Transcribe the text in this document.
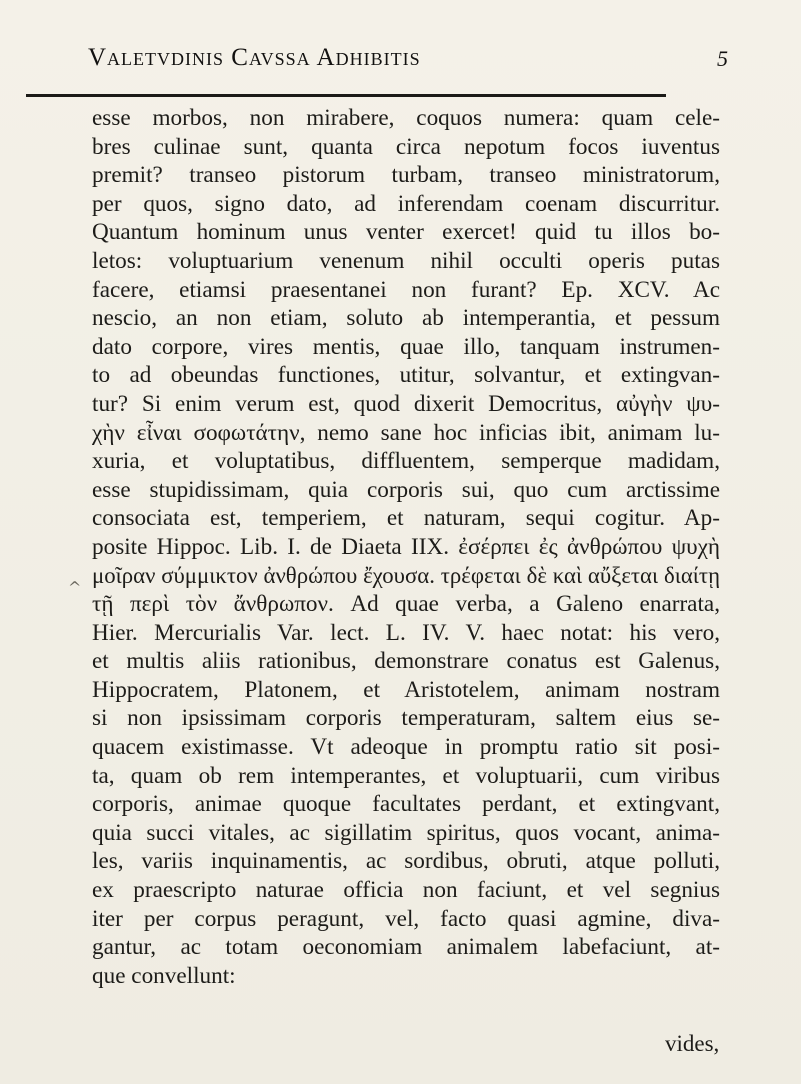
Valetvdinis Cavssa Adhibitis	5
^
esse morbos, non mirabere, coquos numera: quam cele-
bres culinae sunt, quanta circa nepotum focos iuventus
premit? transeo pistorum turbam, transeo ministratorum,
per quos, signo dato, ad inferendam coenam discurritur.
Quantum hominum unus venter exercet! quid tu illos bo-
letos: voluptuarium venenum nihil occulti operis putas
facere, etiamsi praesentanei non furant? Ep. XCV. Ac
nescio, an non etiam, soluto ab intemperantia, et pessum
dato corpore, vires mentis, quae illo, tanquam instrumen-
to ad obeundas functiones, utitur, solvantur, et extingvan-
tur? Si enim verum est, quod dixerit Democritus, αὐγὴν ψυ-
χὴν εἶναι σοφωτάτην, nemo sane hoc inficias ibit, animam lu-
xuria, et voluptatibus, diffluentem, semperque madidam,
esse stupidissimam, quia corporis sui, quo cum arctissime
consociata est, temperiem, et naturam, sequi cogitur. Ap-
posite Hippoc. Lib. I. de Diaeta IIX. ἐσέρπει ἐς ἀνθρώπου ψυχὴ
μοῖραν σύμμικτον ἀνθρώπου ἔχουσα. τρέφεται δὲ καὶ αὔξεται διαίτῃ
τῇ περὶ τὸν ἄνθρωπον. Ad quae verba, a Galeno enarrata,
Hier. Mercurialis Var. lect. L. IV. V. haec notat: his vero,
et multis aliis rationibus, demonstrare conatus est Galenus,
Hippocratem, Platonem, et Aristotelem, animam nostram
si non ipsissimam corporis temperaturam, saltem eius se-
quacem existimasse. Vt adeoque in promptu ratio sit posi-
ta, quam ob rem intemperantes, et voluptuarii, cum viribus
corporis, animae quoque facultates perdant, et extingvant,
quia succi vitales, ac sigillatim spiritus, quos vocant, anima-
les, variis inquinamentis, ac sordibus, obruti, atque polluti,
ex praescripto naturae officia non faciunt, et vel segnius
iter per corpus peragunt, vel, facto quasi agmine, diva-
gantur, ac totam oeconomiam animalem labefaciunt, at-
que convellunt:
vides,
